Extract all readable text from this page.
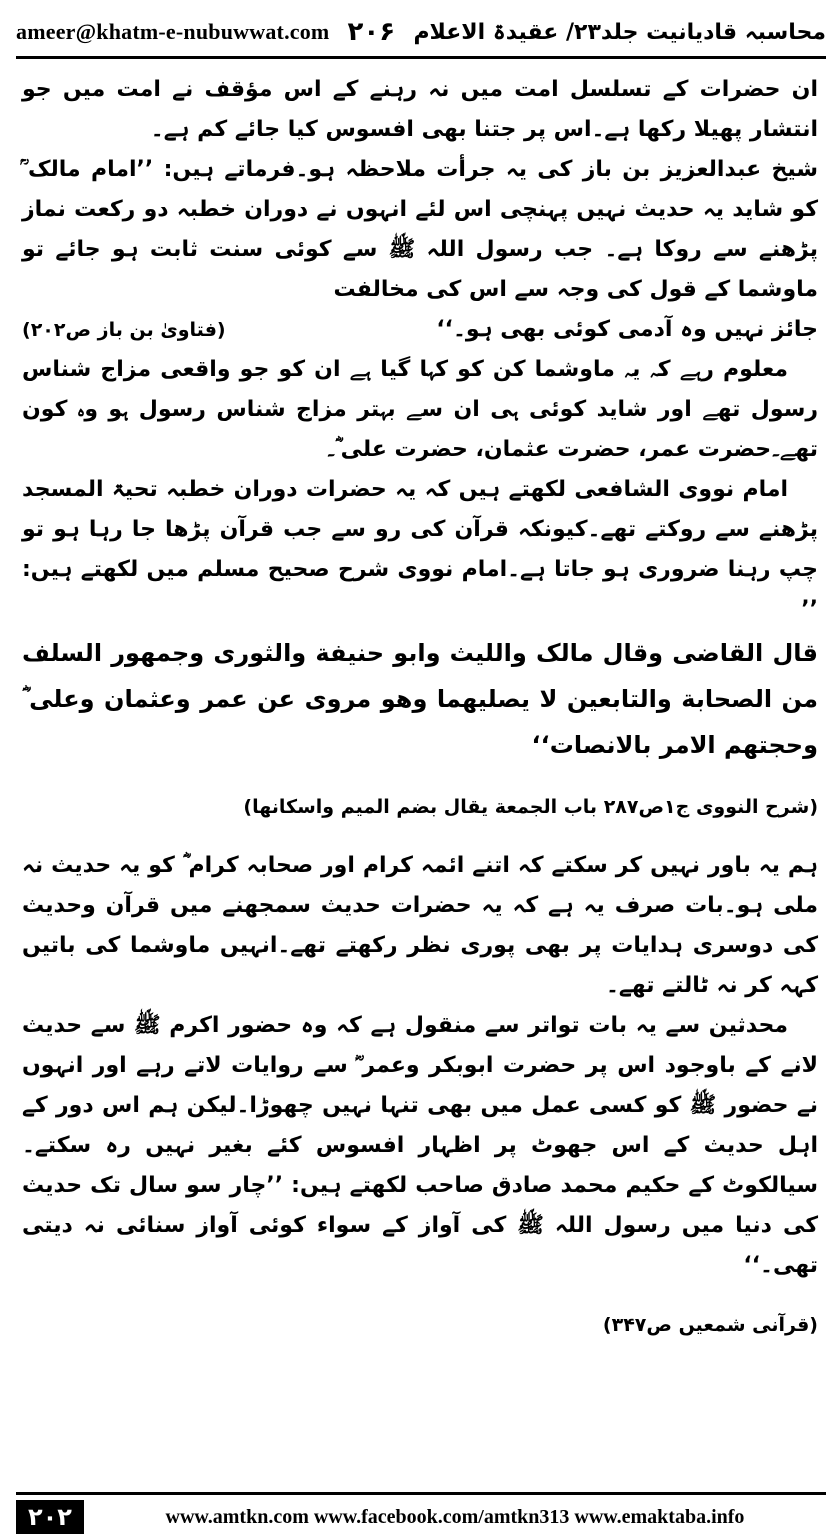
ameer@khatm-e-nubuwwat.com ۲۰۶ محاسبہ قادیانیت جلد۲۳/ عقیدۃ الاعلام

ان حضرات کے تسلسل امت میں نہ رہنے کے اس مؤقف نے امت میں جو انتشار پھیلا رکھا ہے۔اس پر جتنا بھی افسوس کیا جائے کم ہے۔

شیخ عبدالعزیز بن باز کی یہ جرأت ملاحظہ ہو۔فرماتے ہیں: ’’امام مالک ؒ کو شاید یہ حدیث نہیں پہنچی اس لئے انہوں نے دوران خطبہ دو رکعت نماز پڑھنے سے روکا ہے۔ جب رسول اللہ ﷺ سے کوئی سنت ثابت ہو جائے تو ماوشما کے قول کی وجہ سے اس کی مخالفت

جائز نہیں وہ آدمی کوئی بھی ہو۔‘‘
(فتاویٰ بن باز ص۲۰۲)

معلوم رہے کہ یہ ماوشما کن کو کہا گیا ہے ان کو جو واقعی مزاج شناس رسول تھے اور شاید کوئی ہی ان سے بہتر مزاج شناس رسول ہو وہ کون تھے۔حضرت عمر، حضرت عثمان، حضرت علی ؓ۔

امام نووی الشافعی لکھتے ہیں کہ یہ حضرات دوران خطبہ تحیۃ المسجد پڑھنے سے روکتے تھے۔کیونکہ قرآن کی رو سے جب قرآن پڑھا جا رہا ہو تو چپ رہنا ضروری ہو جاتا ہے۔امام نووی شرح صحیح مسلم میں لکھتے ہیں: ’’

قال القاضی وقال مالک واللیث وابو حنیفة والثوری وجمهور السلف من الصحابة والتابعین لا یصلیهما وهو مروی عن عمر وعثمان وعلی ؓ وحجتهم الامر بالانصات‘‘

(شرح النووی ج۱ص۲۸۷ باب الجمعة یقال بضم المیم واسکانها)

ہم یہ باور نہیں کر سکتے کہ اتنے ائمہ کرام اور صحابہ کرام ؓ کو یہ حدیث نہ ملی ہو۔بات صرف یہ ہے کہ یہ حضرات حدیث سمجھنے میں قرآن وحدیث کی دوسری ہدایات پر بھی پوری نظر رکھتے تھے۔انہیں ماوشما کی باتیں کہہ کر نہ ٹالتے تھے۔

محدثین سے یہ بات تواتر سے منقول ہے کہ وہ حضور اکرم ﷺ سے حدیث لانے کے باوجود اس پر حضرت ابوبکر وعمر ؓ سے روایات لاتے رہے اور انہوں نے حضور ﷺ کو کسی عمل میں بھی تنہا نہیں چھوڑا۔لیکن ہم اس دور کے اہل حدیث کے اس جھوٹ پر اظہار افسوس کئے بغیر نہیں رہ سکتے۔سیالکوٹ کے حکیم محمد صادق صاحب لکھتے ہیں: ’’چار سو سال تک حدیث کی دنیا میں رسول اللہ ﷺ کی آواز کے سواء کوئی آواز سنائی نہ دیتی تھی۔‘‘

(قرآنی شمعیں ص۳۴۷)

۲۰۲	www.amtkn.com www.facebook.com/amtkn313 www.emaktaba.info
